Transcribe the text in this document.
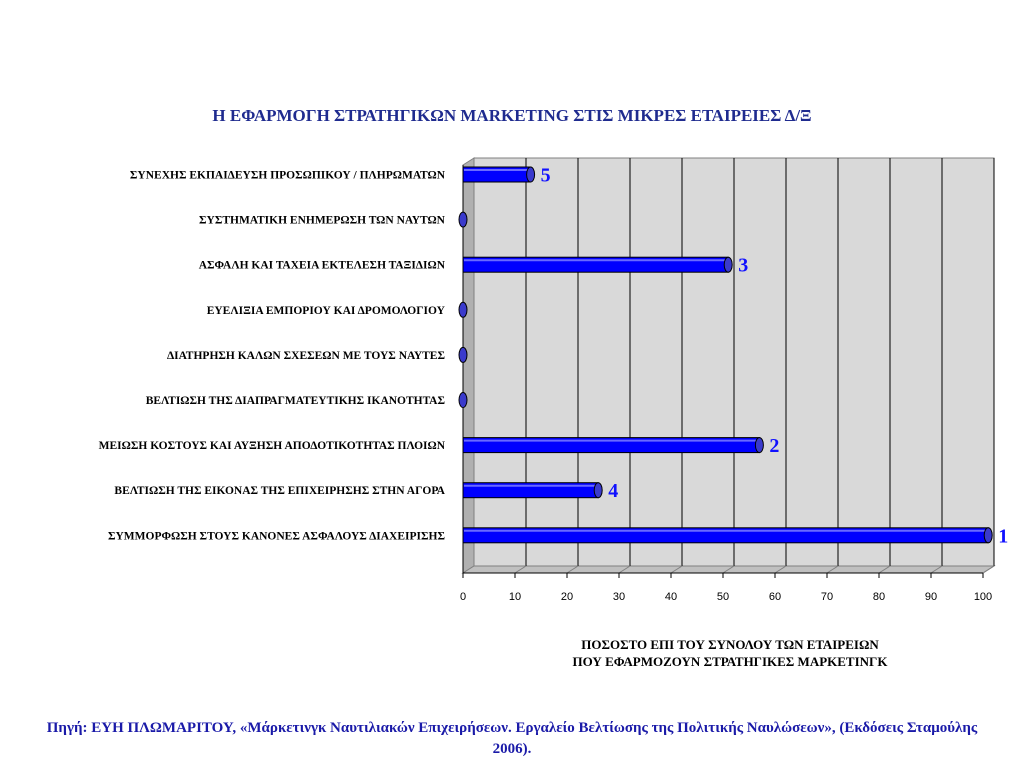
Η ΕΦΑΡΜΟΓΗ ΣΤΡΑΤΗΓΙΚΩΝ MARKETING ΣΤΙΣ ΜΙΚΡΕΣ ΕΤΑΙΡΕΙΕΣ Δ/Ξ
5
3
2
4
1
ΣΥΝΕΧΗΣ ΕΚΠΑΙΔΕΥΣΗ ΠΡΟΣΩΠΙΚΟΥ / ΠΛΗΡΩΜΑΤΩΝ
ΣΥΣΤΗΜΑΤΙΚΗ ΕΝΗΜΕΡΩΣΗ ΤΩΝ ΝΑΥΤΩΝ
ΑΣΦΑΛΗ ΚΑΙ ΤΑΧΕΙΑ ΕΚΤΕΛΕΣΗ ΤΑΞΙΔΙΩΝ
ΕΥΕΛΙΞΙΑ ΕΜΠΟΡΙΟΥ ΚΑΙ ΔΡΟΜΟΛΟΓΙΟΥ
ΔΙΑΤΗΡΗΣΗ ΚΑΛΩΝ ΣΧΕΣΕΩΝ ΜΕ ΤΟΥΣ ΝΑΥΤΕΣ
ΒΕΛΤΙΩΣΗ ΤΗΣ ΔΙΑΠΡΑΓΜΑΤΕΥΤΙΚΗΣ ΙΚΑΝΟΤΗΤΑΣ
ΜΕΙΩΣΗ ΚΟΣΤΟΥΣ ΚΑΙ ΑΥΞΗΣΗ ΑΠΟΔΟΤΙΚΟΤΗΤΑΣ ΠΛΟΙΩΝ
ΒΕΛΤΙΩΣΗ ΤΗΣ ΕΙΚΟΝΑΣ ΤΗΣ ΕΠΙΧΕΙΡΗΣΗΣ ΣΤΗΝ ΑΓΟΡΑ
ΣΥΜΜΟΡΦΩΣΗ ΣΤΟΥΣ ΚΑΝΟΝΕΣ ΑΣΦΑΛΟΥΣ ΔΙΑΧΕΙΡΙΣΗΣ
0	10	20	30	40	50	60	70	80	90	100
ΠΟΣΟΣΤΟ ΕΠΙ ΤΟΥ ΣΥΝΟΛΟΥ ΤΩΝ ΕΤΑΙΡΕΙΩΝ
ΠΟΥ ΕΦΑΡΜΟΖΟΥΝ ΣΤΡΑΤΗΓΙΚΕΣ ΜΑΡΚΕΤΙΝΓΚ
Πηγή: ΕΥΗ ΠΛΩΜΑΡΙΤΟΥ, «Μάρκετινγκ Ναυτιλιακών Επιχειρήσεων. Εργαλείο Βελτίωσης της Πολιτικής Ναυλώσεων», (Εκδόσεις Σταμούλης 2006).
